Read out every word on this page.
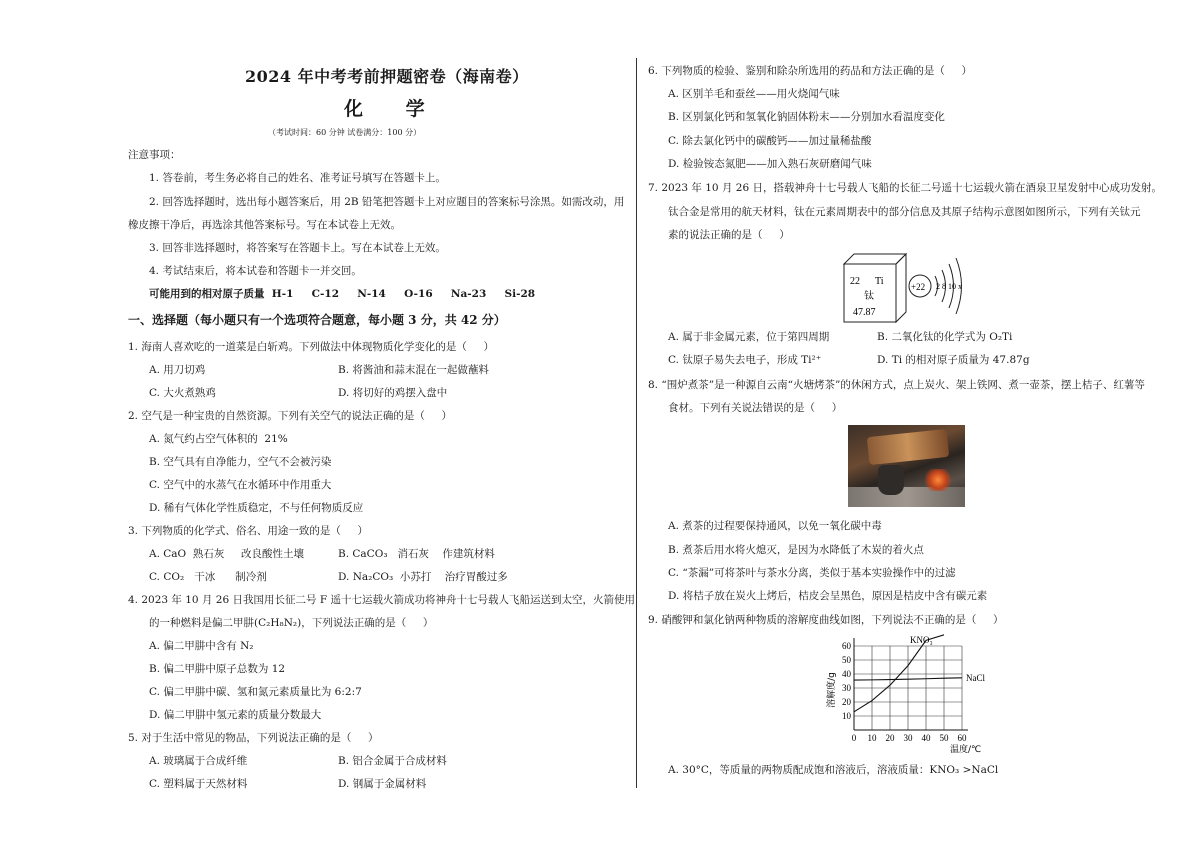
2024 年中考考前押题密卷（海南卷）
化 学
（考试时间：60 分钟 试卷满分：100 分）
注意事项：
1. 答卷前，考生务必将自己的姓名、准考证号填写在答题卡上。
2. 回答选择题时，选出每小题答案后，用 2B 铅笔把答题卡上对应题目的答案标号涂黑。如需改动，用
橡皮擦干净后，再选涂其他答案标号。写在本试卷上无效。
3. 回答非选择题时，将答案写在答题卡上。写在本试卷上无效。
4. 考试结束后，将本试卷和答题卡一并交回。
可能用到的相对原子质量  H-1     C-12     N-14     O-16     Na-23     Si-28
一、选择题（每小题只有一个选项符合题意，每小题 3 分，共 42 分）
1. 海南人喜欢吃的一道菜是白斩鸡。下列做法中体现物质化学变化的是（     ）
A. 用刀切鸡	B. 将酱油和蒜末混在一起做蘸料
C. 大火煮熟鸡	D. 将切好的鸡摆入盘中
2. 空气是一种宝贵的自然资源。下列有关空气的说法正确的是（     ）
A. 氮气约占空气体积的  21%
B. 空气具有自净能力，空气不会被污染
C. 空气中的水蒸气在水循环中作用重大
D. 稀有气体化学性质稳定，不与任何物质反应
3. 下列物质的化学式、俗名、用途一致的是（     ）
A. CaO  熟石灰     改良酸性土壤	B. CaCO₃   消石灰    作建筑材料
C. CO₂   干冰      制冷剂	D. Na₂CO₃  小苏打    治疗胃酸过多
4. 2023 年 10 月 26 日我国用长征二号 F 遥十七运载火箭成功将神舟十七号载人飞船运送到太空，火箭使用
的一种燃料是偏二甲肼(C₂H₈N₂)，下列说法正确的是（     ）
A. 偏二甲肼中含有 N₂
B. 偏二甲肼中原子总数为 12
C. 偏二甲肼中碳、氢和氮元素质量比为 6:2:7
D. 偏二甲肼中氢元素的质量分数最大
5. 对于生活中常见的物品，下列说法正确的是（     ）
A. 玻璃属于合成纤维	B. 铝合金属于合成材料
C. 塑料属于天然材料	D. 钢属于金属材料
6. 下列物质的检验、鉴别和除杂所选用的药品和方法正确的是（     ）
A. 区别羊毛和蚕丝——用火烧闻气味
B. 区别氯化钙和氢氧化钠固体粉末——分别加水看温度变化
C. 除去氯化钙中的碳酸钙——加过量稀盐酸
D. 检验铵态氮肥——加入熟石灰研磨闻气味
7. 2023 年 10 月 26 日，搭载神舟十七号载人飞船的长征二号遥十七运载火箭在酒泉卫星发射中心成功发射。
钛合金是常用的航天材料，钛在元素周期表中的部分信息及其原子结构示意图如图所示，下列有关钛元
素的说法正确的是（     ）
22 Ti
钛
47.87
+22 2 8 10 x
A. 属于非金属元素，位于第四周期	B. 二氧化钛的化学式为 O₂Ti
C. 钛原子易失去电子，形成 Ti²⁺	D. Ti 的相对原子质量为 47.87g
8. “围炉煮茶”是一种源自云南“火塘烤茶”的休闲方式，点上炭火、架上铁网、煮一壶茶，摆上桔子、红薯等
食材。下列有关说法错误的是（     ）
A. 煮茶的过程要保持通风，以免一氧化碳中毒
B. 煮茶后用水将火熄灭，是因为水降低了木炭的着火点
C. “茶漏”可将茶叶与茶水分离，类似于基本实验操作中的过滤
D. 将桔子放在炭火上烤后，桔皮会呈黑色，原因是桔皮中含有碳元素
9. 硝酸钾和氯化钠两种物质的溶解度曲线如图，下列说法不正确的是（     ）
溶解度/g
温度/℃
0 10 20 30 40 50 60
10
20
30
40
50
60
KNO₃
NaCl
A. 30°C，等质量的两物质配成饱和溶液后，溶液质量：KNO₃ >NaCl
